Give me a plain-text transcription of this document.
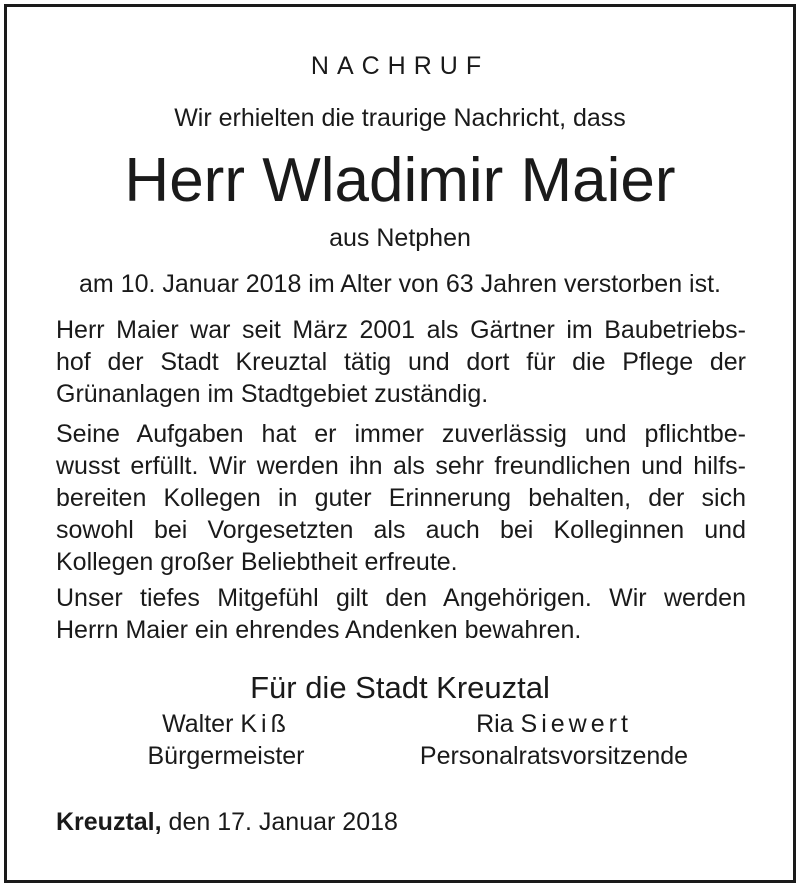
NACHRUF
Wir erhielten die traurige Nachricht, dass
Herr Wladimir Maier
aus Netphen
am 10. Januar 2018 im Alter von 63 Jahren verstorben ist.
Herr Maier war seit März 2001 als Gärtner im Baubetriebs-
hof der Stadt Kreuztal tätig und dort für die Pflege der
Grünanlagen im Stadtgebiet zuständig.
Seine Aufgaben hat er immer zuverlässig und pflichtbe-
wusst erfüllt. Wir werden ihn als sehr freundlichen und hilfs-
bereiten Kollegen in guter Erinnerung behalten, der sich
sowohl bei Vorgesetzten als auch bei Kolleginnen und
Kollegen großer Beliebtheit erfreute.
Unser tiefes Mitgefühl gilt den Angehörigen. Wir werden
Herrn Maier ein ehrendes Andenken bewahren.
Für die Stadt Kreuztal
Walter Kiß
Bürgermeister
Ria Siewert
Personalratsvorsitzende
Kreuztal, den 17. Januar 2018
